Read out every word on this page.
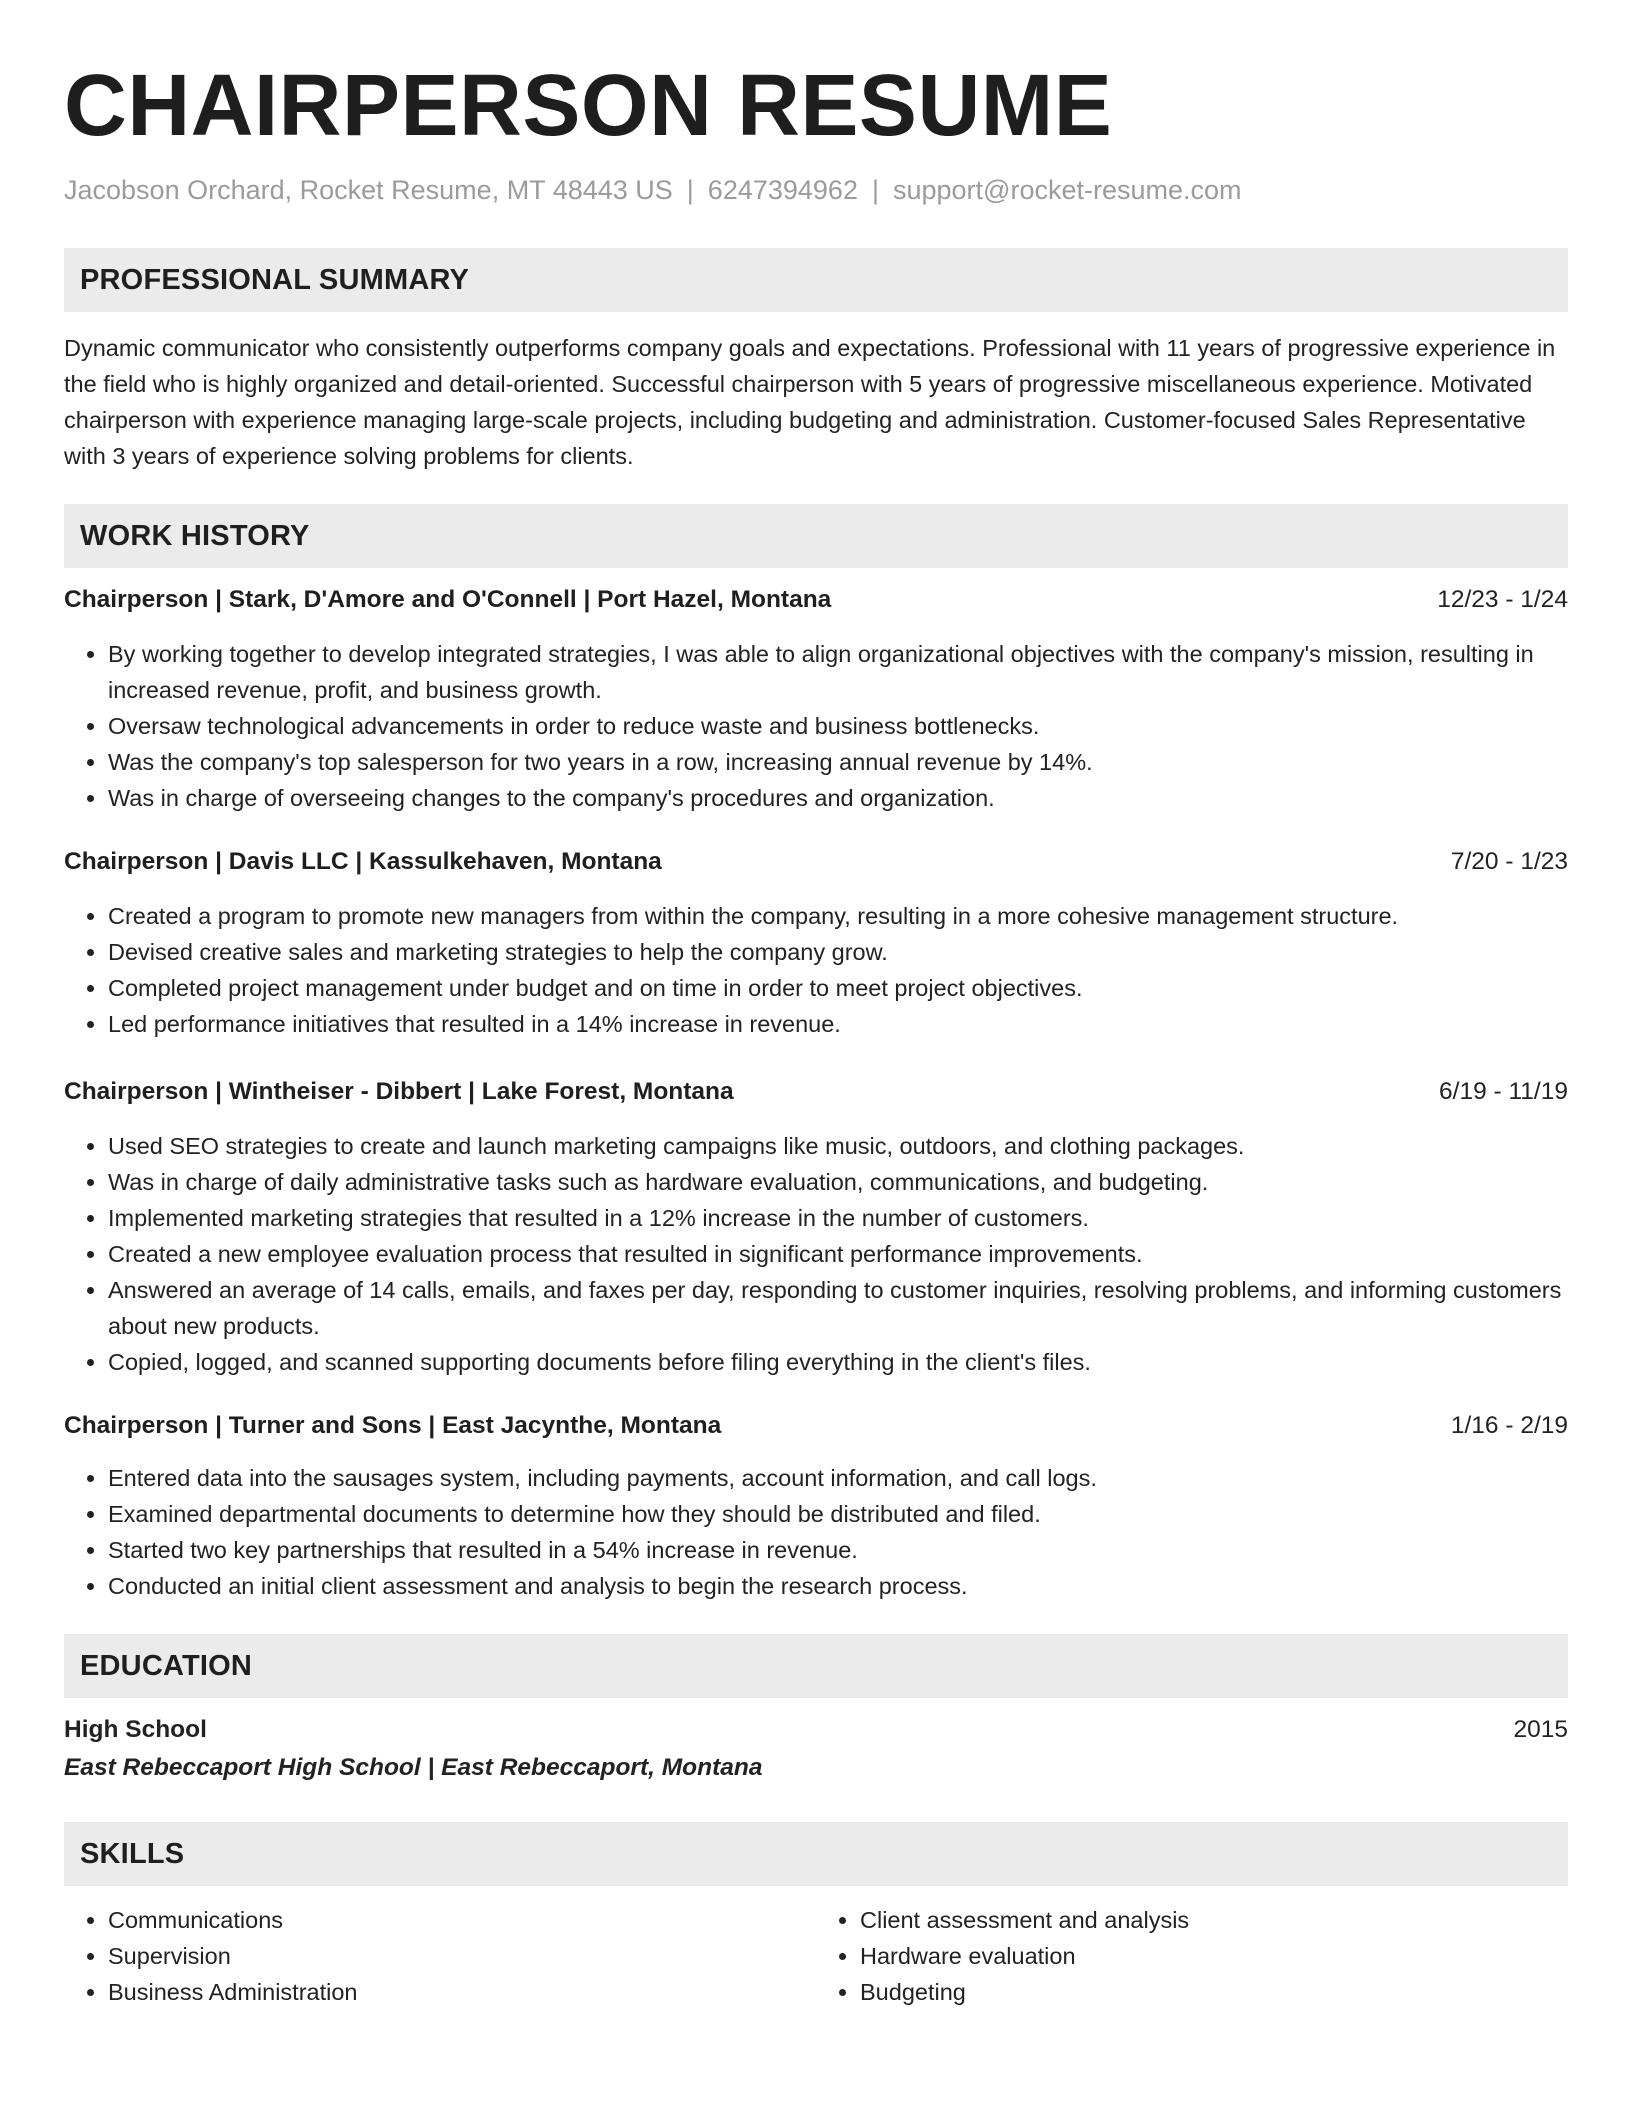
CHAIRPERSON RESUME
Jacobson Orchard, Rocket Resume, MT 48443 US | 6247394962 | support@rocket-resume.com
PROFESSIONAL SUMMARY
Dynamic communicator who consistently outperforms company goals and expectations. Professional with 11 years of progressive experience in the field who is highly organized and detail-oriented. Successful chairperson with 5 years of progressive miscellaneous experience. Motivated chairperson with experience managing large-scale projects, including budgeting and administration. Customer-focused Sales Representative with 3 years of experience solving problems for clients.
WORK HISTORY
Chairperson | Stark, D'Amore and O'Connell | Port Hazel, Montana	12/23 - 1/24
• By working together to develop integrated strategies, I was able to align organizational objectives with the company's mission, resulting in increased revenue, profit, and business growth.
• Oversaw technological advancements in order to reduce waste and business bottlenecks.
• Was the company's top salesperson for two years in a row, increasing annual revenue by 14%.
• Was in charge of overseeing changes to the company's procedures and organization.
Chairperson | Davis LLC | Kassulkehaven, Montana	7/20 - 1/23
• Created a program to promote new managers from within the company, resulting in a more cohesive management structure.
• Devised creative sales and marketing strategies to help the company grow.
• Completed project management under budget and on time in order to meet project objectives.
• Led performance initiatives that resulted in a 14% increase in revenue.
Chairperson | Wintheiser - Dibbert | Lake Forest, Montana	6/19 - 11/19
• Used SEO strategies to create and launch marketing campaigns like music, outdoors, and clothing packages.
• Was in charge of daily administrative tasks such as hardware evaluation, communications, and budgeting.
• Implemented marketing strategies that resulted in a 12% increase in the number of customers.
• Created a new employee evaluation process that resulted in significant performance improvements.
• Answered an average of 14 calls, emails, and faxes per day, responding to customer inquiries, resolving problems, and informing customers about new products.
• Copied, logged, and scanned supporting documents before filing everything in the client's files.
Chairperson | Turner and Sons | East Jacynthe, Montana	1/16 - 2/19
• Entered data into the sausages system, including payments, account information, and call logs.
• Examined departmental documents to determine how they should be distributed and filed.
• Started two key partnerships that resulted in a 54% increase in revenue.
• Conducted an initial client assessment and analysis to begin the research process.
EDUCATION
High School	2015
East Rebeccaport High School | East Rebeccaport, Montana
SKILLS
• Communications
• Supervision
• Business Administration
• Client assessment and analysis
• Hardware evaluation
• Budgeting
